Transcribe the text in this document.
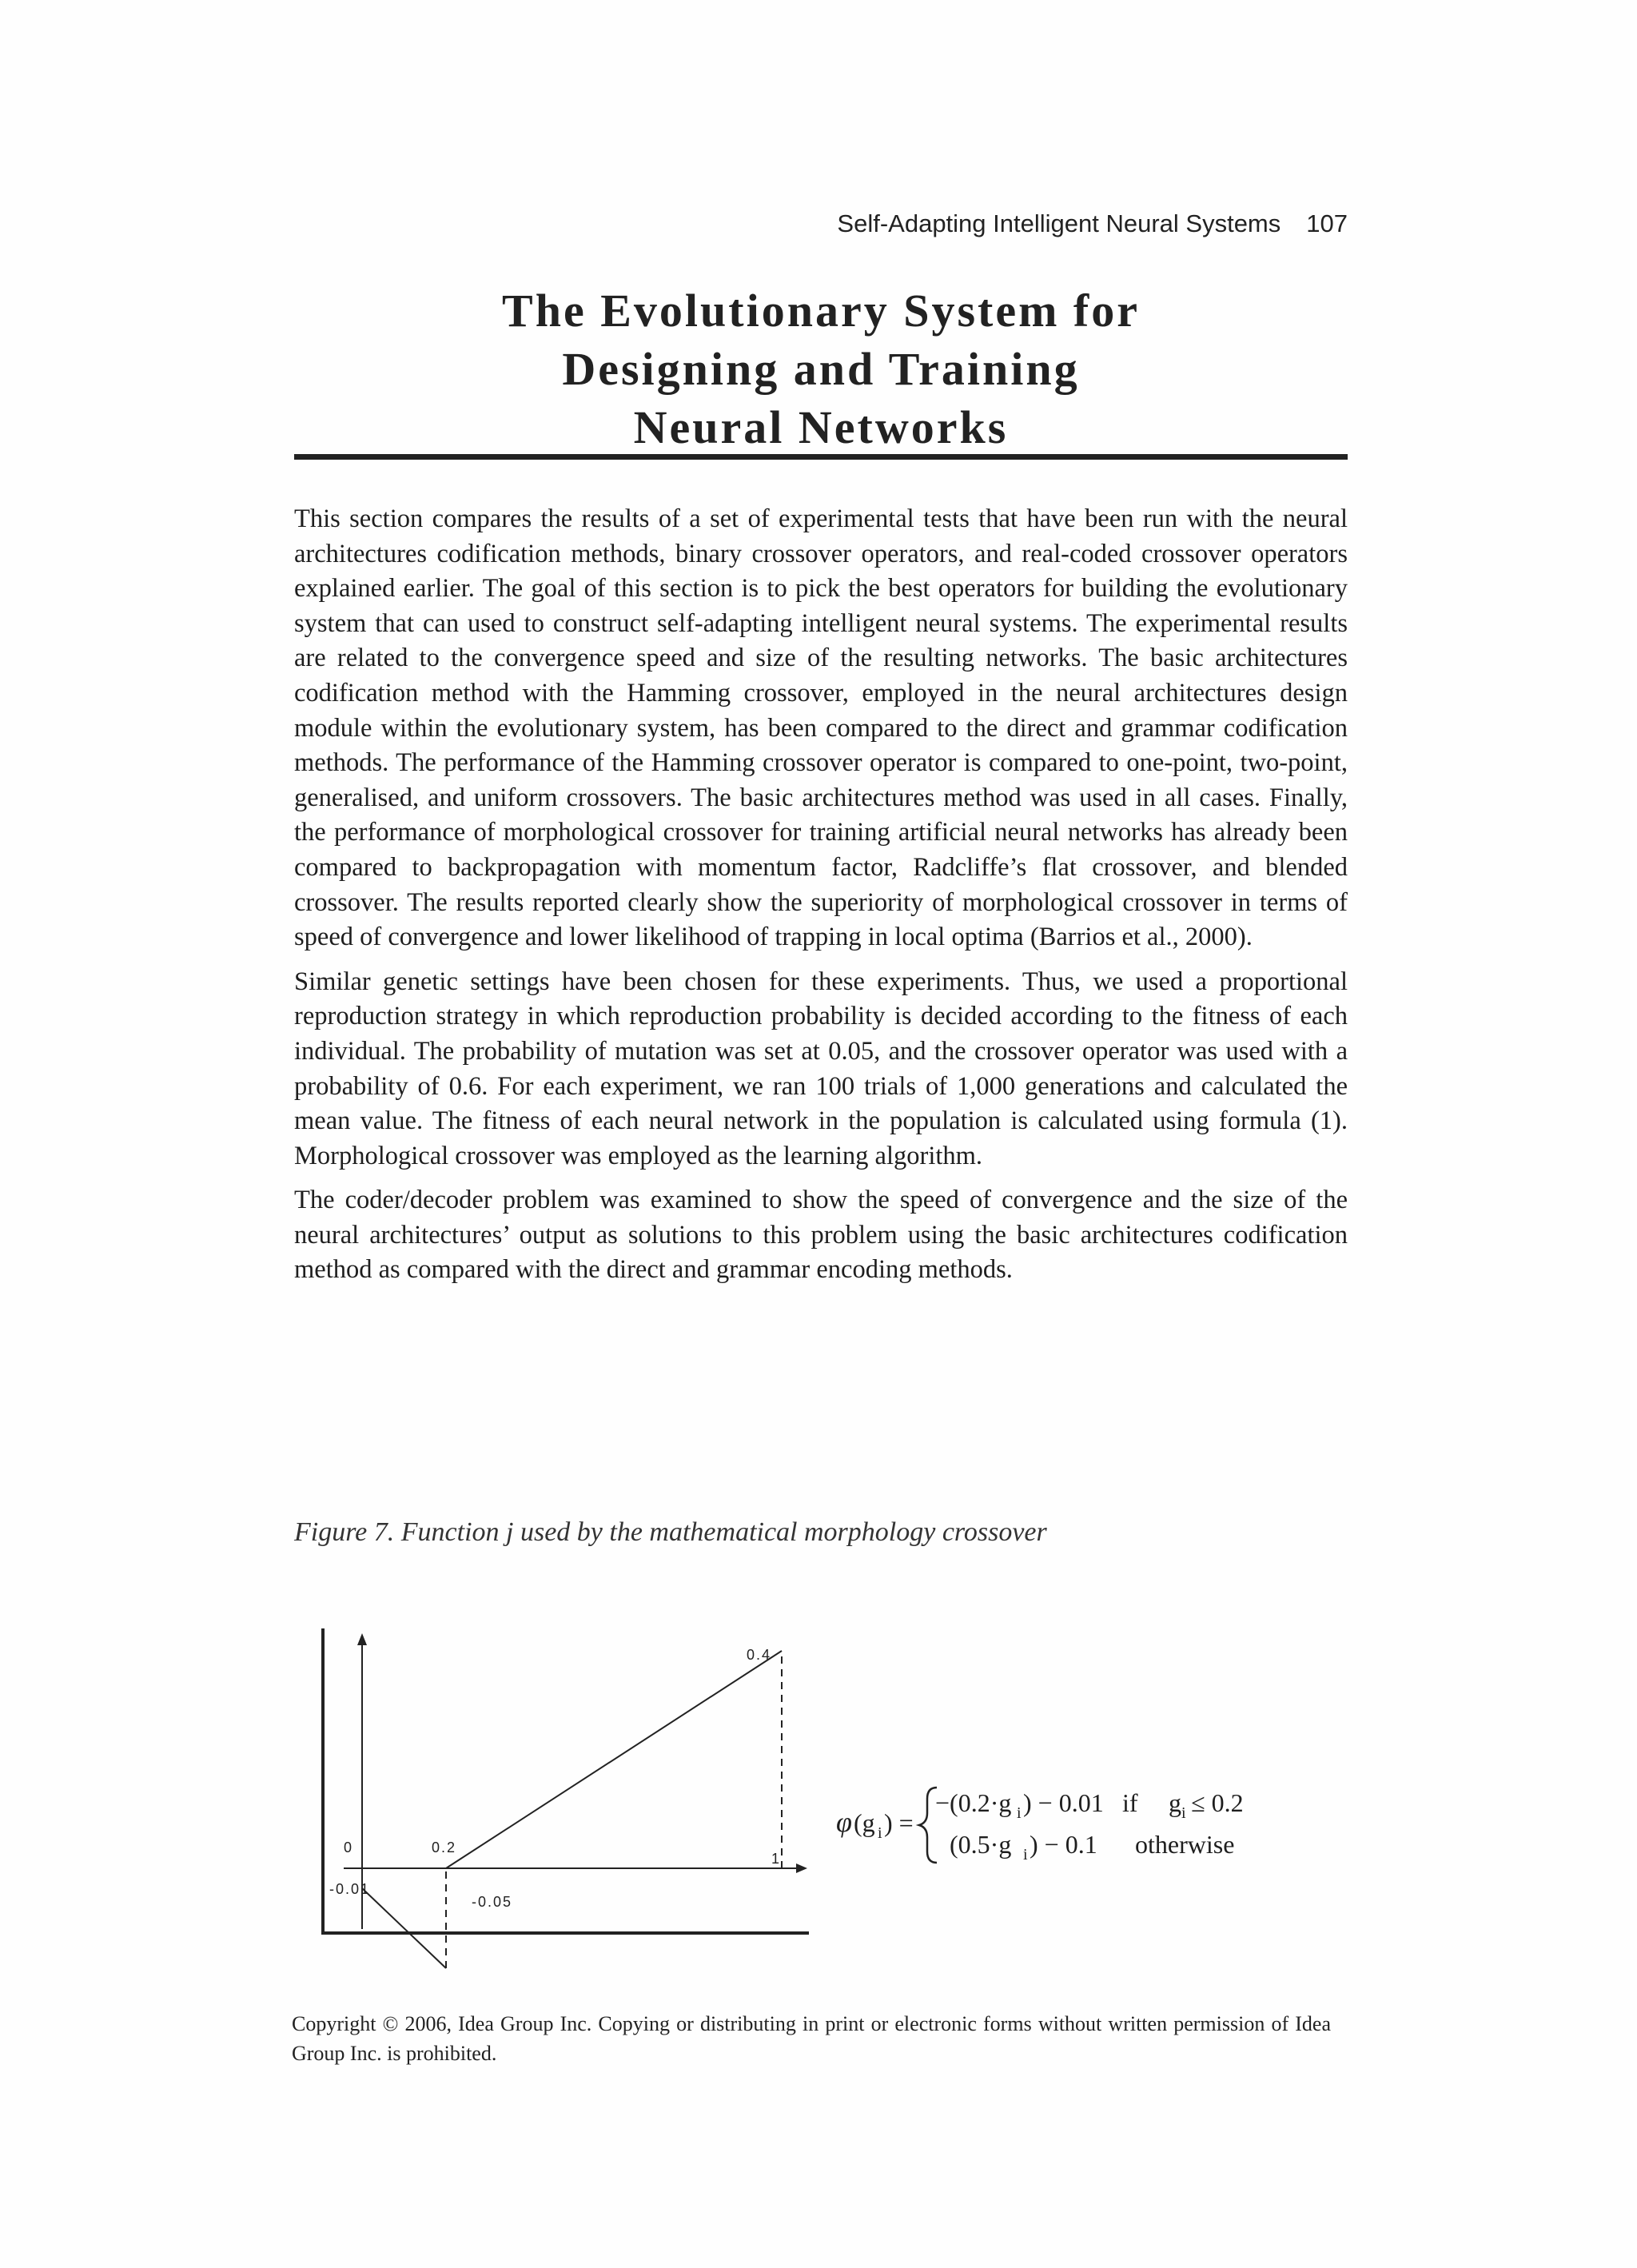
Self-Adapting Intelligent Neural Systems 107
The Evolutionary System for
Designing and Training
Neural Networks

This section compares the results of a set of experimental tests that have been run with the neural architectures codification methods, binary crossover operators, and real-coded crossover operators explained earlier. The goal of this section is to pick the best operators for building the evolutionary system that can used to construct self-adapting intelligent neural systems. The experimental results are related to the convergence speed and size of the resulting networks. The basic architectures codification method with the Hamming crossover, employed in the neural architectures design module within the evolutionary system, has been compared to the direct and grammar codification methods. The performance of the Hamming crossover operator is compared to one-point, two-point, generalised, and uniform crossovers. The basic architectures method was used in all cases. Finally, the performance of morphological crossover for training artificial neural networks has already been compared to backpropagation with momentum factor, Radcliffe’s flat crossover, and blended crossover. The results reported clearly show the superiority of morphological crossover in terms of speed of convergence and lower likelihood of trapping in local optima (Barrios et al., 2000).

Similar genetic settings have been chosen for these experiments. Thus, we used a proportional reproduction strategy in which reproduction probability is decided according to the fitness of each individual. The probability of mutation was set at 0.05, and the crossover operator was used with a probability of 0.6. For each experiment, we ran 100 trials of 1,000 generations and calculated the mean value. The fitness of each neural network in the population is calculated using formula (1). Morphological crossover was employed as the learning algorithm.

The coder/decoder problem was examined to show the speed of convergence and the size of the neural architectures’ output as solutions to this problem using the basic architectures codification method as compared with the direct and grammar encoding methods.

Figure 7. Function j used by the mathematical morphology crossover

0	0.2
1
-0.01
-0.05
0.4
φ (g i ) =
−(0.2·g i ) − 0.01 if g i ≤ 0.2
(0.5·g i ) − 0.1 otherwise

Copyright © 2006, Idea Group Inc. Copying or distributing in print or electronic forms without written permission of Idea Group Inc. is prohibited.
